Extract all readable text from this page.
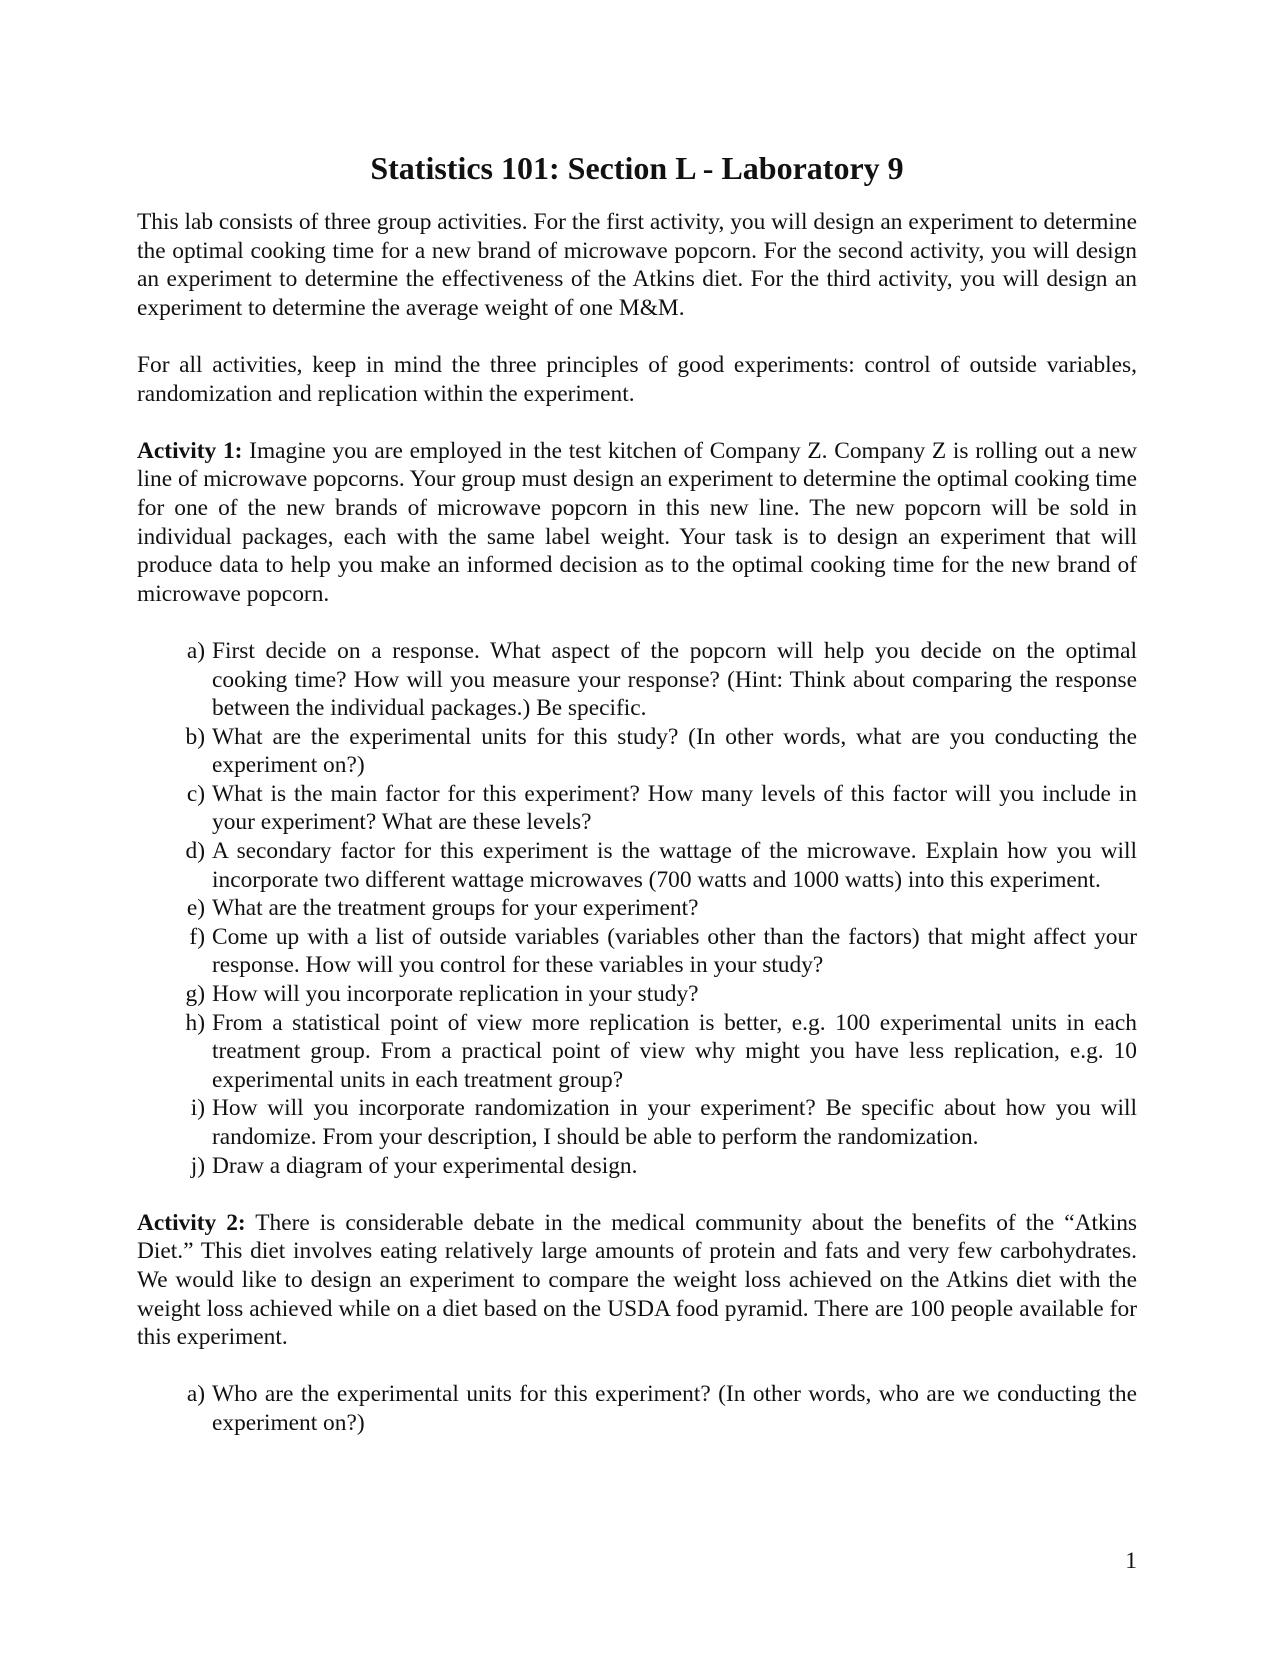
Statistics 101: Section L - Laboratory 9

This lab consists of three group activities. For the first activity, you will design an experiment to determine the optimal cooking time for a new brand of microwave popcorn. For the second activity, you will design an experiment to determine the effectiveness of the Atkins diet. For the third activity, you will design an experiment to determine the average weight of one M&M.

For all activities, keep in mind the three principles of good experiments: control of outside variables, randomization and replication within the experiment.

Activity 1: Imagine you are employed in the test kitchen of Company Z. Company Z is rolling out a new line of microwave popcorns. Your group must design an experiment to determine the optimal cooking time for one of the new brands of microwave popcorn in this new line. The new popcorn will be sold in individual packages, each with the same label weight. Your task is to design an experiment that will produce data to help you make an informed decision as to the optimal cooking time for the new brand of microwave popcorn.

a) First decide on a response. What aspect of the popcorn will help you decide on the optimal cooking time? How will you measure your response? (Hint: Think about comparing the response between the individual packages.) Be specific.
b) What are the experimental units for this study? (In other words, what are you conducting the experiment on?)
c) What is the main factor for this experiment? How many levels of this factor will you include in your experiment? What are these levels?
d) A secondary factor for this experiment is the wattage of the microwave. Explain how you will incorporate two different wattage microwaves (700 watts and 1000 watts) into this experiment.
e) What are the treatment groups for your experiment?
f) Come up with a list of outside variables (variables other than the factors) that might affect your response. How will you control for these variables in your study?
g) How will you incorporate replication in your study?
h) From a statistical point of view more replication is better, e.g. 100 experimental units in each treatment group. From a practical point of view why might you have less replication, e.g. 10 experimental units in each treatment group?
i) How will you incorporate randomization in your experiment? Be specific about how you will randomize. From your description, I should be able to perform the randomization.
j) Draw a diagram of your experimental design.

Activity 2: There is considerable debate in the medical community about the benefits of the “Atkins Diet.” This diet involves eating relatively large amounts of protein and fats and very few carbohydrates. We would like to design an experiment to compare the weight loss achieved on the Atkins diet with the weight loss achieved while on a diet based on the USDA food pyramid. There are 100 people available for this experiment.

a) Who are the experimental units for this experiment? (In other words, who are we conducting the experiment on?)
1
